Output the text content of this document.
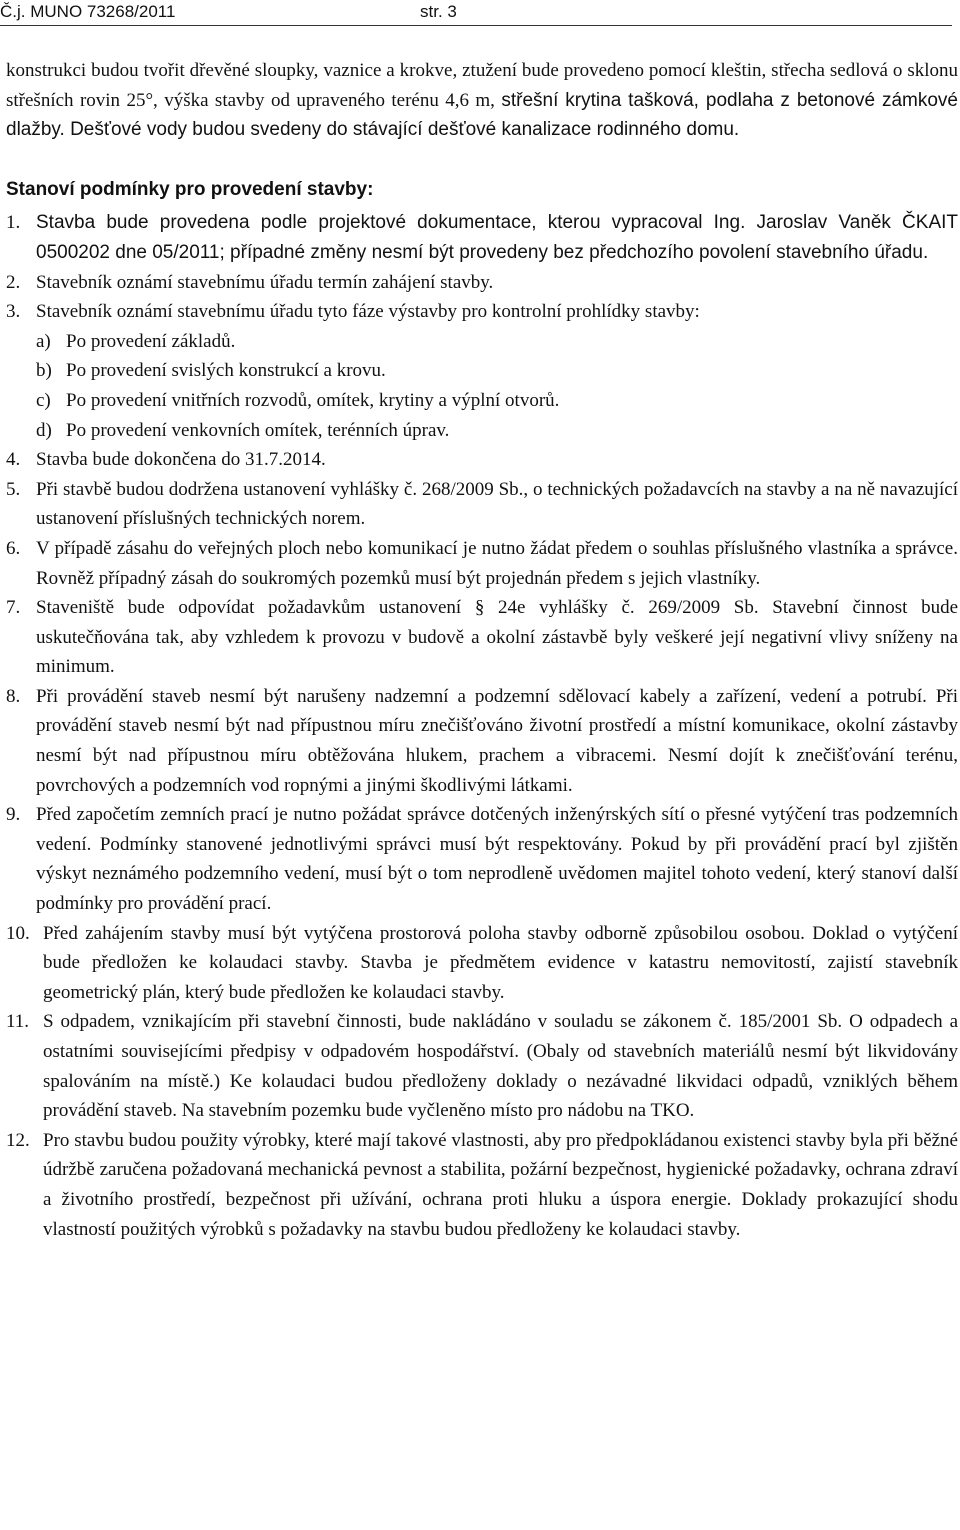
Č.j. MUNO 73268/2011	str. 3

konstrukci budou tvořit dřevěné sloupky, vaznice a krokve, ztužení bude provedeno pomocí kleštin, střecha sedlová o sklonu střešních rovin 25°, výška stavby od upraveného terénu 4,6 m, střešní krytina tašková, podlaha z betonové zámkové dlažby. Dešťové vody budou svedeny do stávající dešťové kanalizace rodinného domu.

Stanoví podmínky pro provedení stavby:

1. Stavba bude provedena podle projektové dokumentace, kterou vypracoval Ing. Jaroslav Vaněk ČKAIT 0500202 dne 05/2011; případné změny nesmí být provedeny bez předchozího povolení stavebního úřadu.
2. Stavebník oznámí stavebnímu úřadu termín zahájení stavby.
3. Stavebník oznámí stavebnímu úřadu tyto fáze výstavby pro kontrolní prohlídky stavby:
a) Po provedení základů.
b) Po provedení svislých konstrukcí a krovu.
c) Po provedení vnitřních rozvodů, omítek, krytiny a výplní otvorů.
d) Po provedení venkovních omítek, terénních úprav.
4. Stavba bude dokončena do 31.7.2014.
5. Při stavbě budou dodržena ustanovení vyhlášky č. 268/2009 Sb., o technických požadavcích na stavby a na ně navazující ustanovení příslušných technických norem.
6. V případě zásahu do veřejných ploch nebo komunikací je nutno žádat předem o souhlas příslušného vlastníka a správce. Rovněž případný zásah do soukromých pozemků musí být projednán předem s jejich vlastníky.
7. Staveniště bude odpovídat požadavkům ustanovení § 24e vyhlášky č. 269/2009 Sb. Stavební činnost bude uskutečňována tak, aby vzhledem k provozu v budově a okolní zástavbě byly veškeré její negativní vlivy sníženy na minimum.
8. Při provádění staveb nesmí být narušeny nadzemní a podzemní sdělovací kabely a zařízení, vedení a potrubí. Při provádění staveb nesmí být nad přípustnou míru znečišťováno životní prostředí a místní komunikace, okolní zástavby nesmí být nad přípustnou míru obtěžována hlukem, prachem a vibracemi. Nesmí dojít k znečišťování terénu, povrchových a podzemních vod ropnými a jinými škodlivými látkami.
9. Před započetím zemních prací je nutno požádat správce dotčených inženýrských sítí o přesné vytýčení tras podzemních vedení. Podmínky stanovené jednotlivými správci musí být respektovány. Pokud by při provádění prací byl zjištěn výskyt neznámého podzemního vedení, musí být o tom neprodleně uvědomen majitel tohoto vedení, který stanoví další podmínky pro provádění prací.
10. Před zahájením stavby musí být vytýčena prostorová poloha stavby odborně způsobilou osobou. Doklad o vytýčení bude předložen ke kolaudaci stavby. Stavba je předmětem evidence v katastru nemovitostí, zajistí stavebník geometrický plán, který bude předložen ke kolaudaci stavby.
11. S odpadem, vznikajícím při stavební činnosti, bude nakládáno v souladu se zákonem č. 185/2001 Sb. O odpadech a ostatními souvisejícími předpisy v odpadovém hospodářství. (Obaly od stavebních materiálů nesmí být likvidovány spalováním na místě.) Ke kolaudaci budou předloženy doklady o nezávadné likvidaci odpadů, vzniklých během provádění staveb. Na stavebním pozemku bude vyčleněno místo pro nádobu na TKO.
12. Pro stavbu budou použity výrobky, které mají takové vlastnosti, aby pro předpokládanou existenci stavby byla při běžné údržbě zaručena požadovaná mechanická pevnost a stabilita, požární bezpečnost, hygienické požadavky, ochrana zdraví a životního prostředí, bezpečnost při užívání, ochrana proti hluku a úspora energie. Doklady prokazující shodu vlastností použitých výrobků s požadavky na stavbu budou předloženy ke kolaudaci stavby.
